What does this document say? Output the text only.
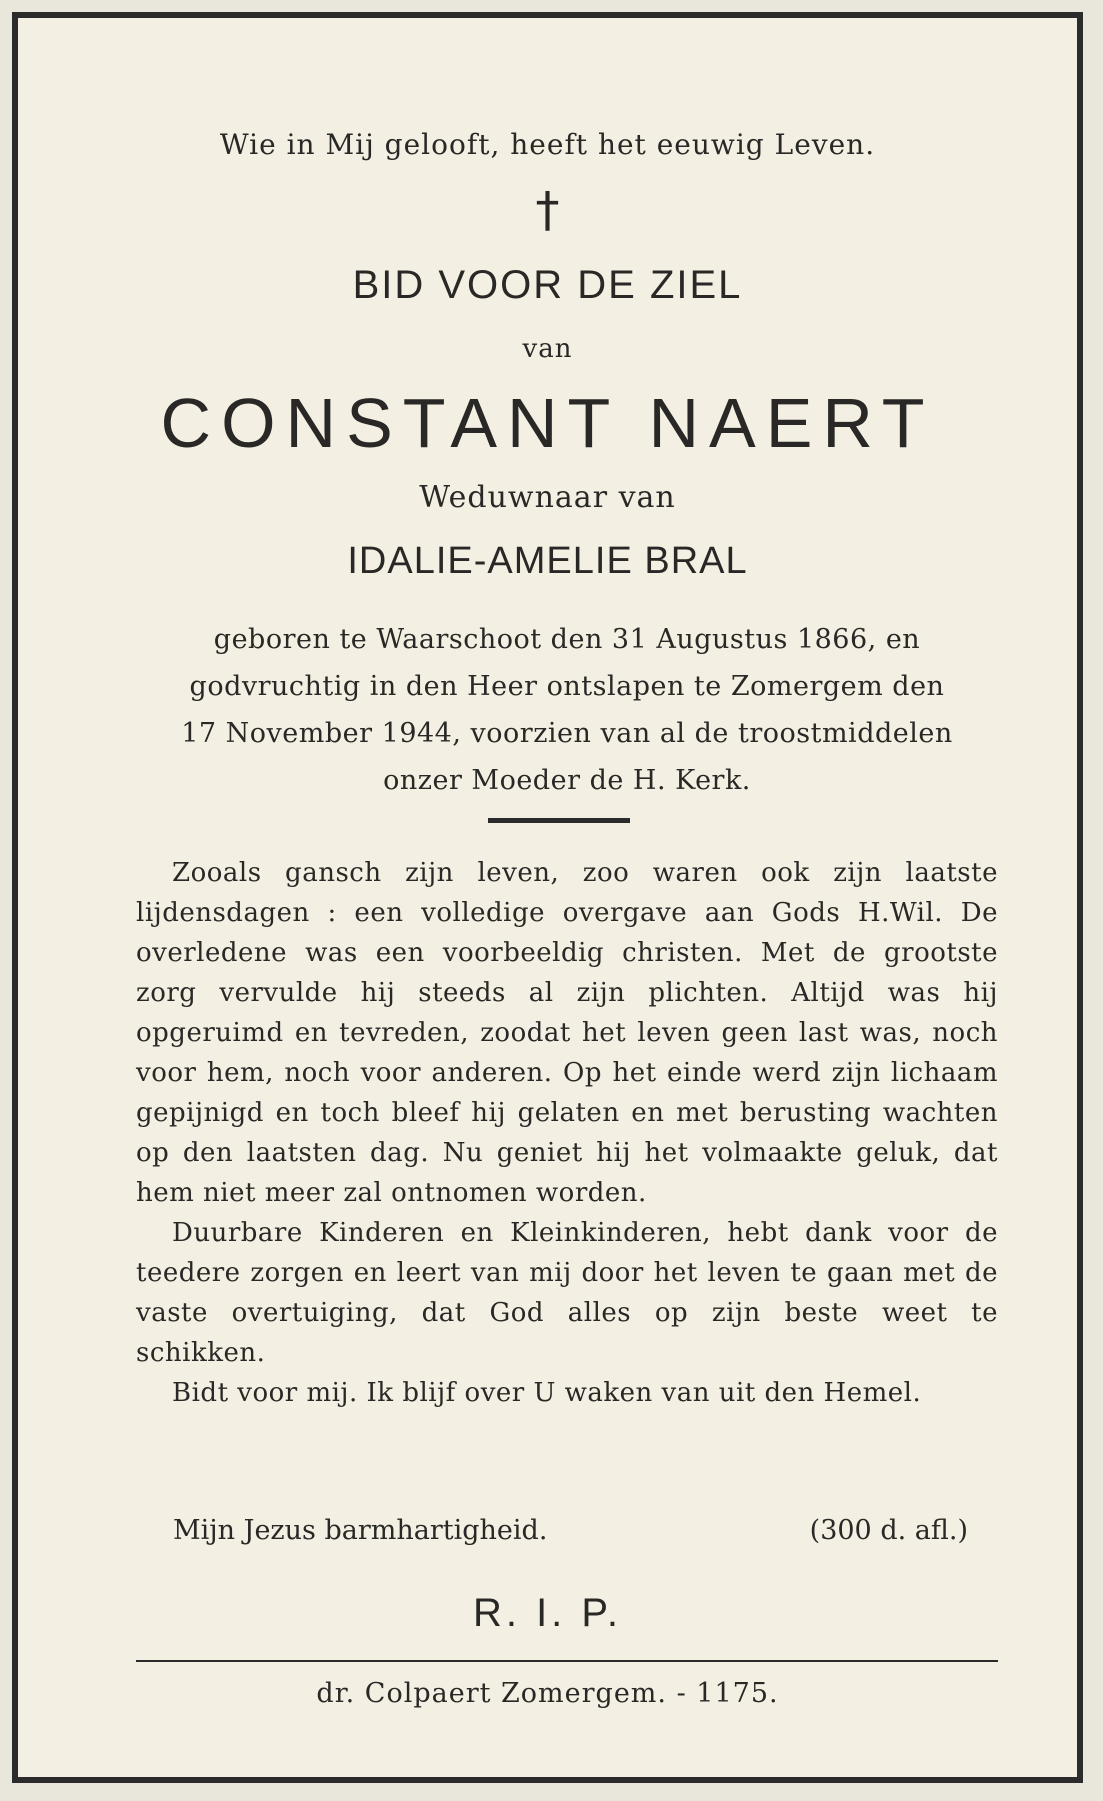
Wie in Mij gelooft, heeft het eeuwig Leven.
†
BID VOOR DE ZIEL
van
CONSTANT NAERT
Weduwnaar van
IDALIE-AMELIE BRAL
geboren te Waarschoot den 31 Augustus 1866, en
godvruchtig in den Heer ontslapen te Zomergem den
17 November 1944, voorzien van al de troostmiddelen
onzer Moeder de H. Kerk.

Zooals gansch zijn leven, zoo waren ook zijn laatste lijdensdagen : een volledige overgave aan Gods H.Wil. De overledene was een voorbeeldig christen. Met de grootste zorg vervulde hij steeds al zijn plichten. Altijd was hij opgeruimd en tevreden, zoodat het leven geen last was, noch voor hem, noch voor anderen. Op het einde werd zijn lichaam gepijnigd en toch bleef hij gelaten en met berusting wachten op den laatsten dag. Nu geniet hij het volmaakte geluk, dat hem niet meer zal ontnomen worden.

Duurbare Kinderen en Kleinkinderen, hebt dank voor de teedere zorgen en leert van mij door het leven te gaan met de vaste overtuiging, dat God alles op zijn beste weet te schikken.

Bidt voor mij. Ik blijf over U waken van uit den Hemel.

Mijn Jezus barmhartigheid.	(300 d. afl.)
R. I. P.
dr. Colpaert Zomergem. - 1175.
